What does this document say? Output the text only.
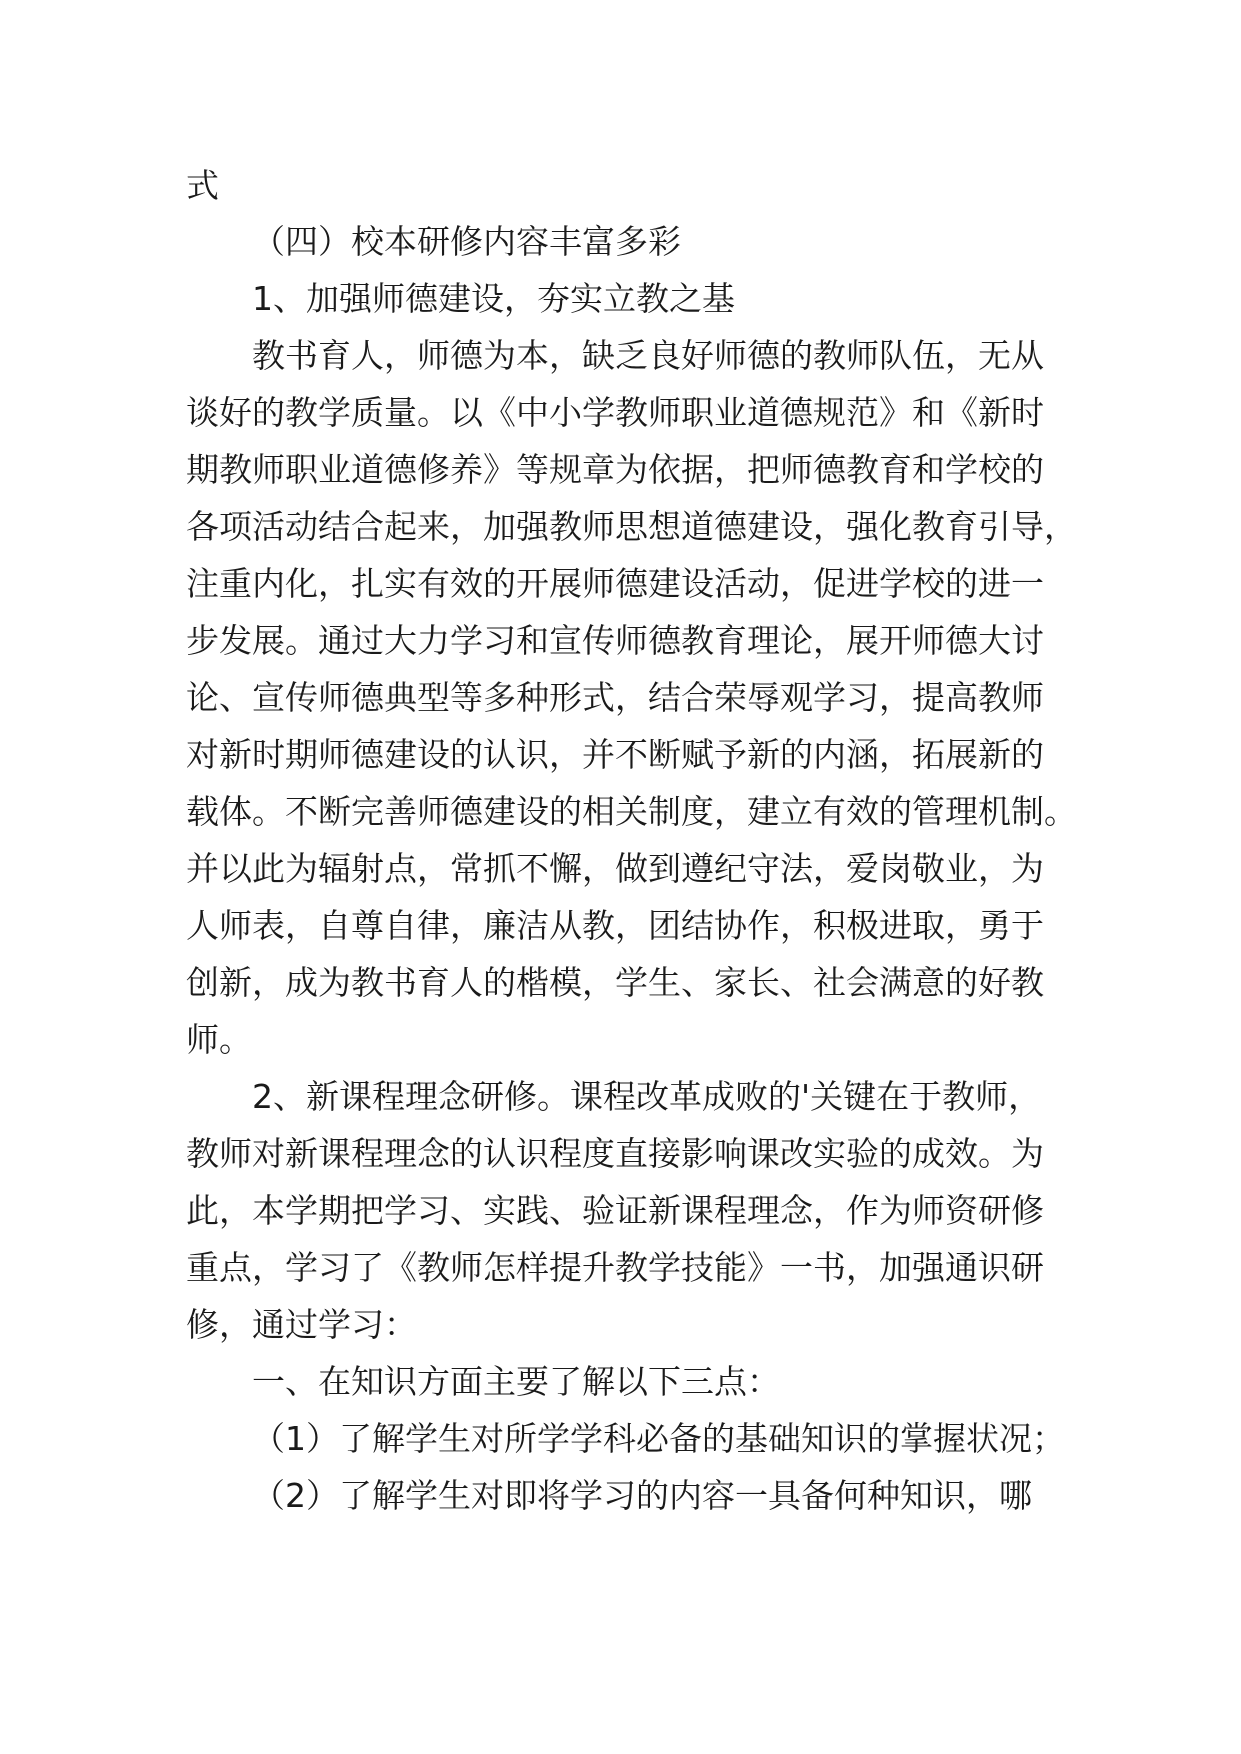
式
（四）校本研修内容丰富多彩
1、加强师德建设，夯实立教之基
教书育人，师德为本，缺乏良好师德的教师队伍，无从
谈好的教学质量。以《中小学教师职业道德规范》和《新时
期教师职业道德修养》等规章为依据，把师德教育和学校的
各项活动结合起来，加强教师思想道德建设，强化教育引导，
注重内化，扎实有效的开展师德建设活动，促进学校的进一
步发展。通过大力学习和宣传师德教育理论，展开师德大讨
论、宣传师德典型等多种形式，结合荣辱观学习，提高教师
对新时期师德建设的认识，并不断赋予新的内涵，拓展新的
载体。不断完善师德建设的相关制度，建立有效的管理机制。
并以此为辐射点，常抓不懈，做到遵纪守法，爱岗敬业，为
人师表，自尊自律，廉洁从教，团结协作，积极进取，勇于
创新，成为教书育人的楷模，学生、家长、社会满意的好教
师。
2、新课程理念研修。课程改革成败的'关键在于教师，
教师对新课程理念的认识程度直接影响课改实验的成效。为
此，本学期把学习、实践、验证新课程理念，作为师资研修
重点，学习了《教师怎样提升教学技能》一书，加强通识研
修，通过学习：
一、在知识方面主要了解以下三点：
（1）了解学生对所学学科必备的基础知识的掌握状况；
（2）了解学生对即将学习的内容一具备何种知识，哪
